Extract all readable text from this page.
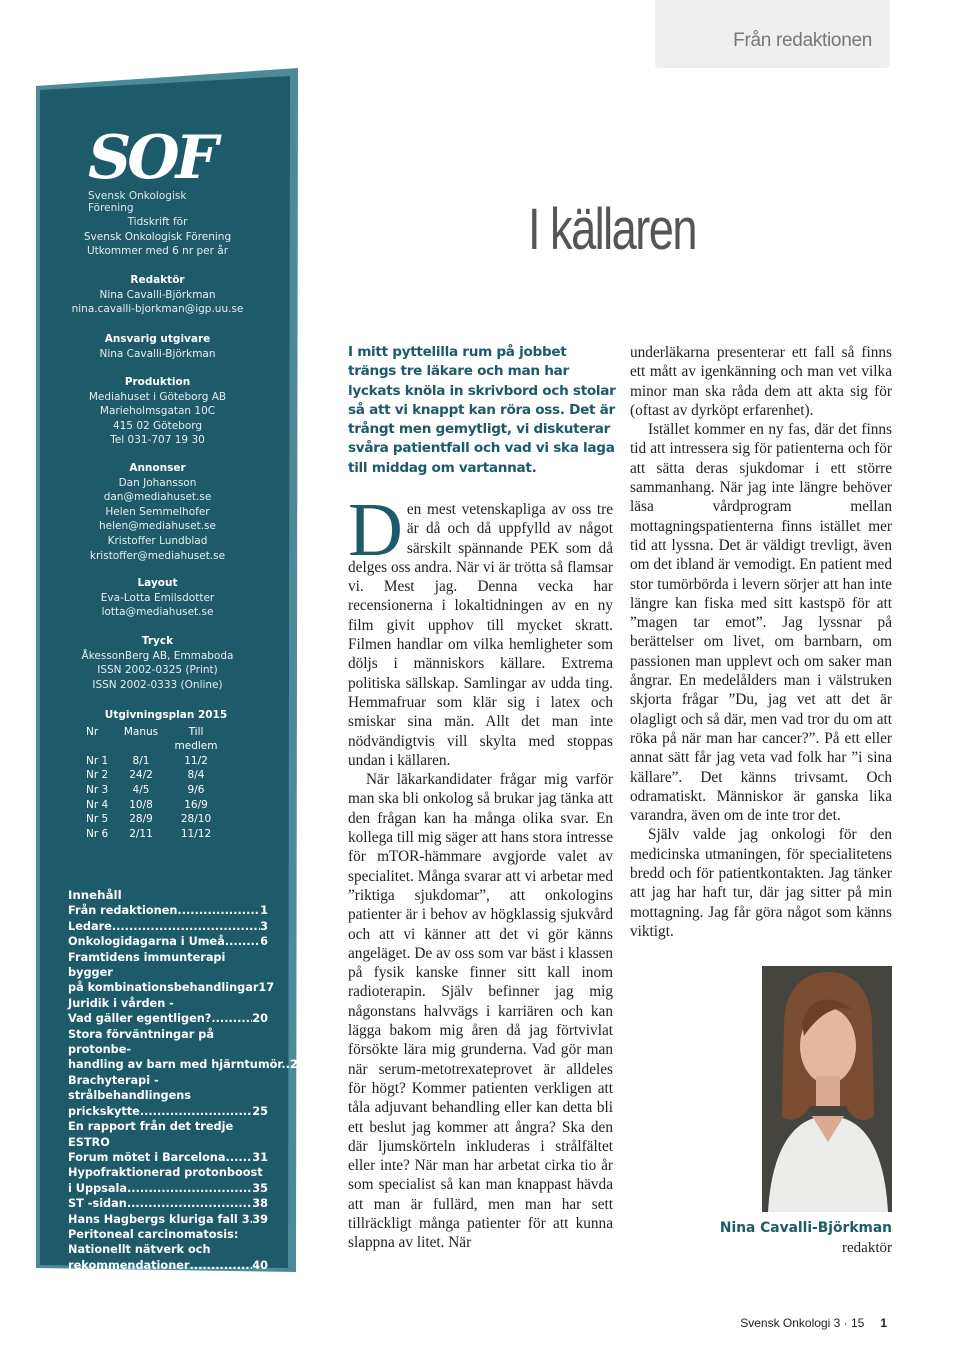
Från redaktionen
SOF
Svensk Onkologisk Förening
Tidskrift för
Svensk Onkologisk Förening
Utkommer med 6 nr per år
Redaktör
Nina Cavalli-Björkman
nina.cavalli-bjorkman@igp.uu.se
Ansvarig utgivare
Nina Cavalli-Björkman
Produktion
Mediahuset i Göteborg AB
Marieholmsgatan 10C
415 02 Göteborg
Tel 031-707 19 30
Annonser
Dan Johansson
dan@mediahuset.se
Helen Semmelhofer
helen@mediahuset.se
Kristoffer Lundblad
kristoffer@mediahuset.se
Layout
Eva-Lotta Emilsdotter
lotta@mediahuset.se
Tryck
ÅkessonBerg AB, Emmaboda
ISSN 2002-0325 (Print)
ISSN 2002-0333 (Online)
Utgivningsplan 2015
Nr	Manus	Till medlem
Nr 1	8/1	11/2
Nr 2	24/2	8/4
Nr 3	4/5	9/6
Nr 4	10/8	16/9
Nr 5	28/9	28/10
Nr 6	2/11	11/12
Innehåll
Från redaktionen .....	1
Ledare .....	3
Onkologidagarna i Umeå .....	6
Framtidens immunterapi bygger
på kombinationsbehandlingar 17
Juridik i vården -
Vad gäller egentligen? .....	20
Stora förväntningar på protonbe-
handling av barn med hjärntumör.. 22
Brachyterapi - strålbehandlingens
prickskytte .....	25
En rapport från det tredje ESTRO
Forum mötet i Barcelona ..... 31
Hypofraktionerad protonboost
i Uppsala .....	35
ST -sidan .....	38
Hans Hagbergs kluriga fall 3 ..... 39
Peritoneal carcinomatosis:
Nationellt nätverk och
rekommendationer .....	40
Helgi Birgisson om
bukhinnekirurgi .....	44
Möte med Pia Dellson .....	47
I källaren
I mitt pyttelilla rum på jobbet trängs tre läkare och man har lyckats knöla in skrivbord och stolar så att vi knappt kan röra oss. Det är trångt men gemytligt, vi diskuterar svåra patientfall och vad vi ska laga till middag om vartannat.
D en mest vetenskapliga av oss tre är då och då uppfylld av något särskilt spännande PEK som då delges oss andra. När vi är trötta så flamsar vi. Mest jag. Denna vecka har recensionerna i lokaltidningen av en ny film givit upphov till mycket skratt. Filmen handlar om vilka hemligheter som döljs i människors källare. Extrema politiska sällskap. Samlingar av udda ting. Hemmafruar som klär sig i latex och smiskar sina män. Allt det man inte nödvändigtvis vill skylta med stoppas undan i källaren.

När läkarkandidater frågar mig varför man ska bli onkolog så brukar jag tänka att den frågan kan ha många olika svar. En kollega till mig säger att hans stora intresse för mTOR-hämmare avgjorde valet av specialitet. Många svarar att vi arbetar med ”riktiga sjukdomar”, att onkologins patienter är i behov av högklassig sjukvård och att vi känner att det vi gör känns angeläget. De av oss som var bäst i klassen på fysik kanske finner sitt kall inom radioterapin. Själv befinner jag mig någonstans halvvägs i karriären och kan lägga bakom mig åren då jag förtvivlat försökte lära mig grunderna. Vad gör man när serum-metotrexateprovet är alldeles för högt? Kommer patienten verkligen att tåla adjuvant behandling eller kan detta bli ett beslut jag kommer att ångra? Ska den där ljumskörteln inkluderas i strålfältet eller inte? När man har arbetat cirka tio år som specialist så kan man knappast hävda att man är fullärd, men man har sett tillräckligt många patienter för att kunna slappna av litet. När

underläkarna presenterar ett fall så finns ett mått av igenkänning och man vet vilka minor man ska råda dem att akta sig för (oftast av dyrköpt erfarenhet).

Istället kommer en ny fas, där det finns tid att intressera sig för patienterna och för att sätta deras sjukdomar i ett större sammanhang. När jag inte längre behöver läsa vårdprogram mellan mottagningspatienterna finns istället mer tid att lyssna. Det är väldigt trevligt, även om det ibland är vemodigt. En patient med stor tumörbörda i levern sörjer att han inte längre kan fiska med sitt kastspö för att ”magen tar emot”. Jag lyssnar på berättelser om livet, om barnbarn, om passionen man upplevt och om saker man ångrar. En medelålders man i välstruken skjorta frågar ”Du, jag vet att det är olagligt och så där, men vad tror du om att röka på när man har cancer?”. På ett eller annat sätt får jag veta vad folk har ”i sina källare”. Det känns trivsamt. Och odramatiskt. Människor är ganska lika varandra, även om de inte tror det.

Själv valde jag onkologi för den medicinska utmaningen, för specialitetens bredd och för patientkontakten. Jag tänker att jag har haft tur, där jag sitter på min mottagning. Jag får göra något som känns viktigt.

Nina Cavalli-Björkman
redaktör
Svensk Onkologi 3 · 15 1
